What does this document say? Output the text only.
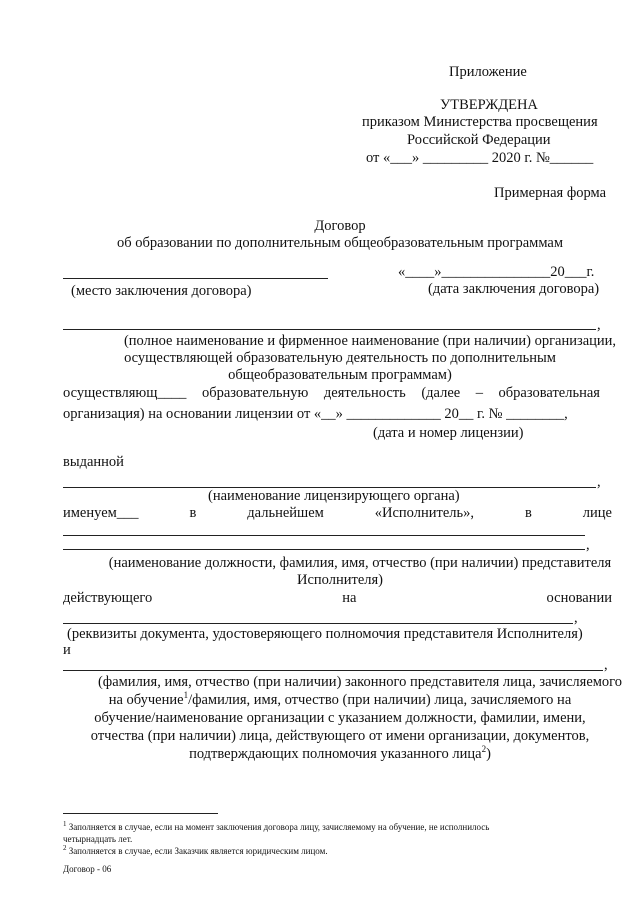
Приложение
УТВЕРЖДЕНА
приказом Министерства просвещения
Российской Федерации
от «___» _________ 2020 г. №______
Примерная форма
Договор
об образовании по дополнительным общеобразовательным программам
«____»_______________20___г.
(место заключения договора)	(дата заключения договора)
,
(полное наименование и фирменное наименование (при наличии) организации,
осуществляющей образовательную деятельность по дополнительным
общеобразовательным программам)
осуществляющ____ образовательную деятельность (далее – образовательная
организация) на основании лицензии от «__» _____________ 20__ г. № ________,
(дата и номер лицензии)
выданной
,
(наименование лицензирующего органа)
именуем___	в	дальнейшем	«Исполнитель»,	в	лице
,
(наименование должности, фамилия, имя, отчество (при наличии) представителя
Исполнителя)
действующего	на	основании
,
(реквизиты документа, удостоверяющего полномочия представителя Исполнителя)
и
,
(фамилия, имя, отчество (при наличии) законного представителя лица, зачисляемого
на обучение$^1$/фамилия, имя, отчество (при наличии) лица, зачисляемого на
обучение/наименование организации с указанием должности, фамилии, имени,
отчества (при наличии) лица, действующего от имени организации, документов,
подтверждающих полномочия указанного лица$^2$)
$^1$ Заполняется в случае, если на момент заключения договора лицу, зачисляемому на обучение, не исполнилось
четырнадцать лет.
$^2$ Заполняется в случае, если Заказчик является юридическим лицом.
Договор - 06
